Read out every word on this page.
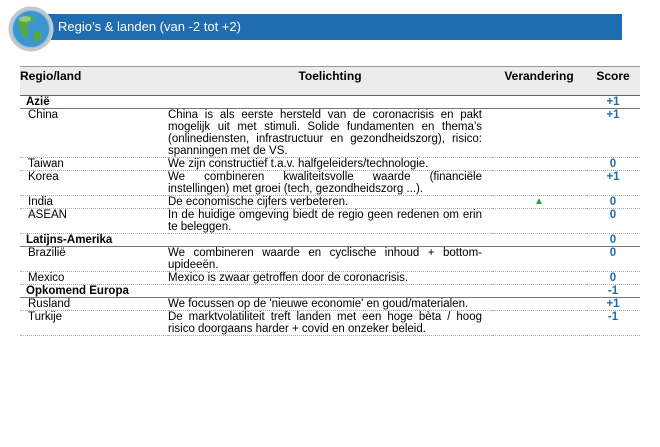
Regio’s & landen (van -2 tot +2)
Regio/land	Toelichting	Verandering	Score
Azië			+1
China	China is als eerste hersteld van de coronacrisis en pakt mogelijk uit met stimuli. Solide fundamenten en thema’s (onlinediensten, infrastructuur en gezondheidszorg), risico: spanningen met de VS.		+1
Taiwan	We zijn constructief t.a.v. halfgeleiders/technologie.		0
Korea	We combineren kwaliteitsvolle waarde (financiële instellingen) met groei (tech, gezondheidszorg ...).		+1
India	De economische cijfers verbeteren.	▲	0
ASEAN	In de huidige omgeving biedt de regio geen redenen om erin te beleggen.		0
Latijns-Amerika			0
Brazilië	We combineren waarde en cyclische inhoud + bottom-upideeën.		0
Mexico	Mexico is zwaar getroffen door de coronacrisis.		0
Opkomend Europa			-1
Rusland	We focussen op de 'nieuwe economie' en goud/materialen.		+1
Turkije	De marktvolatiliteit treft landen met een hoge bèta / hoog risico doorgaans harder + covid en onzeker beleid.		-1
